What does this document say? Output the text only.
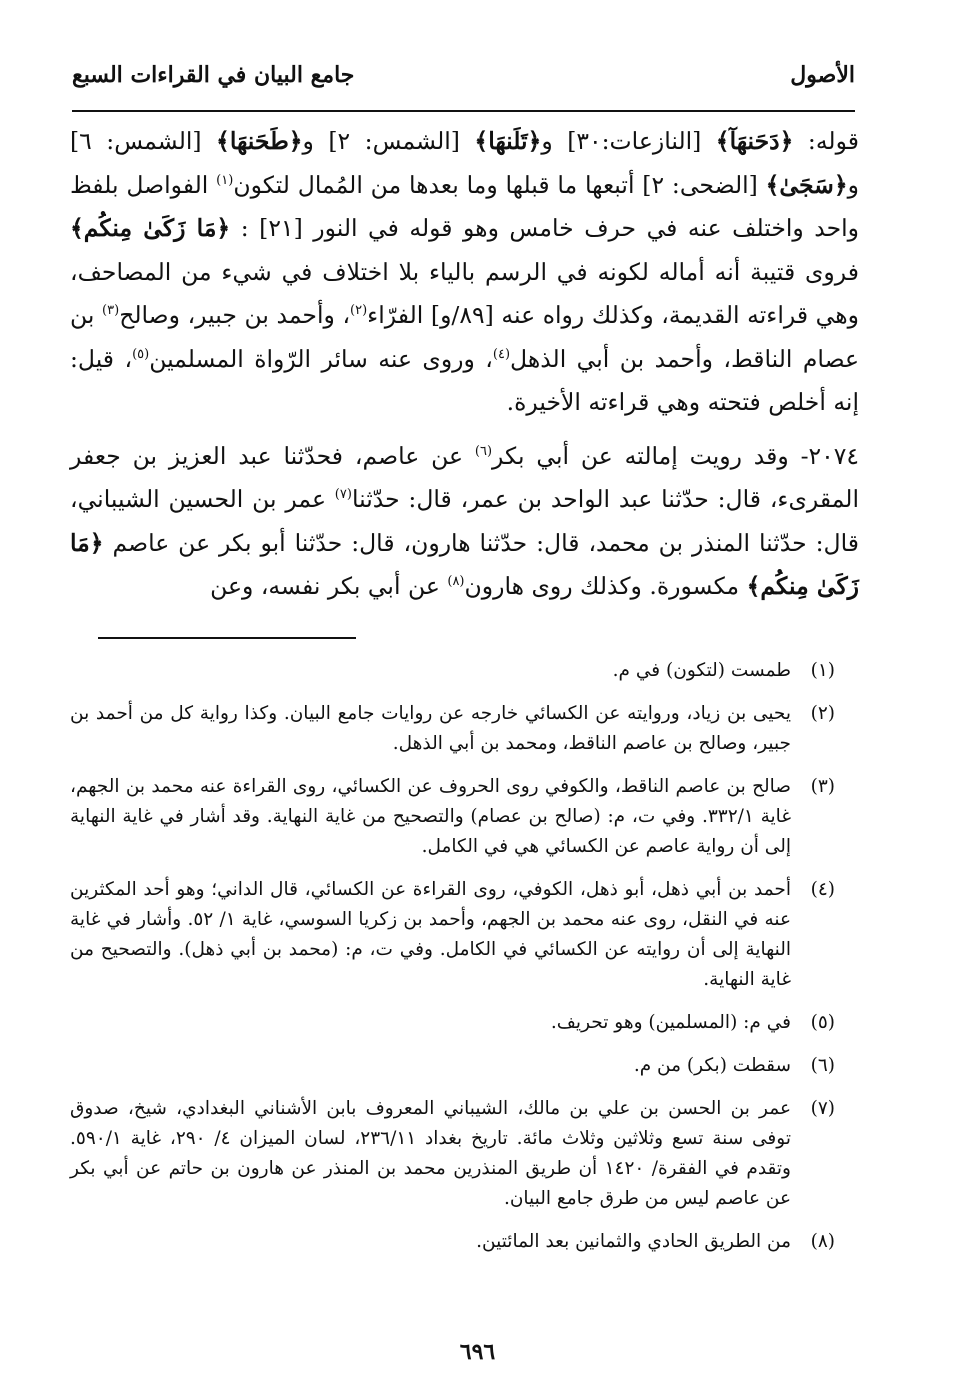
الأصول
جامع البيان في القراءات السبع

قوله: ﴿دَحَنهَآ﴾ [النازعات:٣٠] و﴿تَلَنهَا﴾ [الشمس: ٢] و﴿طَحَنهَا﴾ [الشمس: ٦] و﴿سَجَىٰ﴾ [الضحى: ٢] أتبعها ما قبلها وما بعدها من المُمال لتكون$^{(١)}$ الفواصل بلفظ واحد واختلف عنه في حرف خامس وهو قوله في النور [٢١] : ﴿مَا زَكَىٰ مِنكُم﴾ فروى قتيبة أنه أماله لكونه في الرسم بالياء بلا اختلاف في شيء من المصاحف، وهي قراءته القديمة، وكذلك رواه عنه [٨٩/و] الفرّاء$^{(٢)}$، وأحمد بن جبير، وصالح$^{(٣)}$ بن عصام الناقط، وأحمد بن أبي الذهل$^{(٤)}$، وروى عنه سائر الرّواة المسلمين$^{(٥)}$، قيل: إنه أخلص فتحته وهي قراءته الأخيرة.

٢٠٧٤- وقد رويت إمالته عن أبي بكر$^{(٦)}$ عن عاصم، فحدّثنا عبد العزيز بن جعفر المقرىء، قال: حدّثنا عبد الواحد بن عمر، قال: حدّثنا$^{(٧)}$ عمر بن الحسين الشيباني، قال: حدّثنا المنذر بن محمد، قال: حدّثنا هارون، قال: حدّثنا أبو بكر عن عاصم ﴿مَا زَكَىٰ مِنكُم﴾ مكسورة. وكذلك روى هارون$^{(٨)}$ عن أبي بكر نفسه، وعن

(١)
طمست (لتكون) في م.
(٢)
يحيى بن زياد، وروايته عن الكسائي خارجه عن روايات جامع البيان. وكذا رواية كل من أحمد بن جبير، وصالح بن عاصم الناقط، ومحمد بن أبي الذهل.
(٣)
صالح بن عاصم الناقط، والكوفي روى الحروف عن الكسائي، روى القراءة عنه محمد بن الجهم، غاية ٣٣٢/١. وفي ت، م: (صالح بن عصام) والتصحيح من غاية النهاية. وقد أشار في غاية النهاية إلى أن رواية عاصم عن الكسائي هي في الكامل.
(٤)
أحمد بن أبي ذهل، أبو ذهل، الكوفي، روى القراءة عن الكسائي، قال الداني؛ وهو أحد المكثرين عنه في النقل، روى عنه محمد بن الجهم، وأحمد بن زكريا السوسي، غاية ١/ ٥٢. وأشار في غاية النهاية إلى أن روايته عن الكسائي في الكامل. وفي ت، م: (محمد بن أبي ذهل). والتصحيح من غاية النهاية.
(٥)
في م: (المسلمين) وهو تحريف.
(٦)
سقطت (بكر) من م.
(٧)
عمر بن الحسن بن علي بن مالك، الشيباني المعروف بابن الأشناني البغدادي، شيخ، صدوق توفى سنة تسع وثلاثين وثلاث مائة. تاريخ بغداد ٢٣٦/١١، لسان الميزان ٤/ ٢٩٠، غاية ٥٩٠/١. وتقدم في الفقرة/ ١٤٢٠ أن طريق المنذرين محمد بن المنذر عن هارون بن حاتم عن أبي بكر عن عاصم ليس من طرق جامع البيان.
(٨)
من الطريق الحادي والثمانين بعد المائتين.
٦٩٦
